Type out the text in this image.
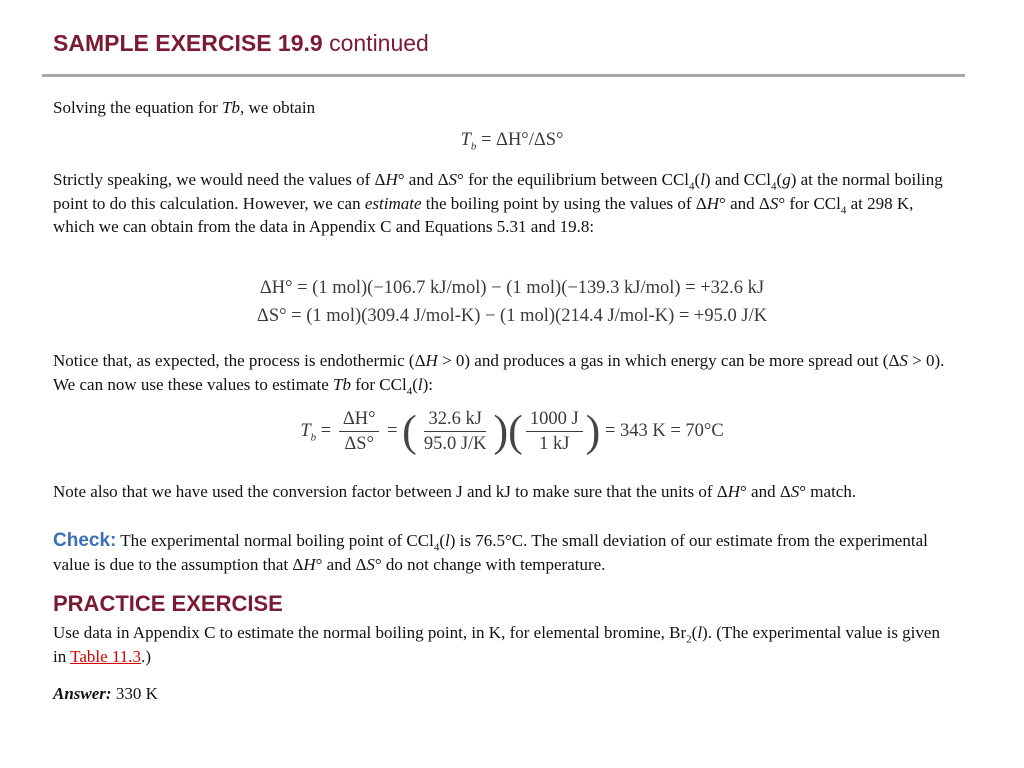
SAMPLE EXERCISE 19.9 continued

Solving the equation for Tb, we obtain

$T_b = \Delta H^\circ/\Delta S^\circ$

Strictly speaking, we would need the values of ΔH° and ΔS° for the equilibrium between CCl$_4$(l) and CCl$_4$(g) at the normal boiling point to do this calculation. However, we can estimate the boiling point by using the values of ΔH° and ΔS° for CCl$_4$ at 298 K, which we can obtain from the data in Appendix C and Equations 5.31 and 19.8:

ΔH° = (1 mol)(−106.7 kJ/mol) − (1 mol)(−139.3 kJ/mol) = +32.6 kJ
ΔS° = (1 mol)(309.4 J/mol-K) − (1 mol)(214.4 J/mol-K) = +95.0 J/K

Notice that, as expected, the process is endothermic (ΔH > 0) and produces a gas in which energy can be more spread out (ΔS > 0). We can now use these values to estimate Tb for CCl$_4$(l):

$T_b = \frac{\Delta H^\circ}{\Delta S^\circ}$ = ( $\frac{32.6 kJ}{95.0 J/K}$ )( $\frac{1000 J}{1 kJ}$ ) = 343 K = 70°C

Note also that we have used the conversion factor between J and kJ to make sure that the units of ΔH° and ΔS° match.

Check: The experimental normal boiling point of CCl$_4$(l) is 76.5°C. The small deviation of our estimate from the experimental value is due to the assumption that ΔH° and ΔS° do not change with temperature.

PRACTICE EXERCISE

Use data in Appendix C to estimate the normal boiling point, in K, for elemental bromine, $Br_2(l)$. (The experimental value is given in Table 11.3.)

Answer: 330 K
